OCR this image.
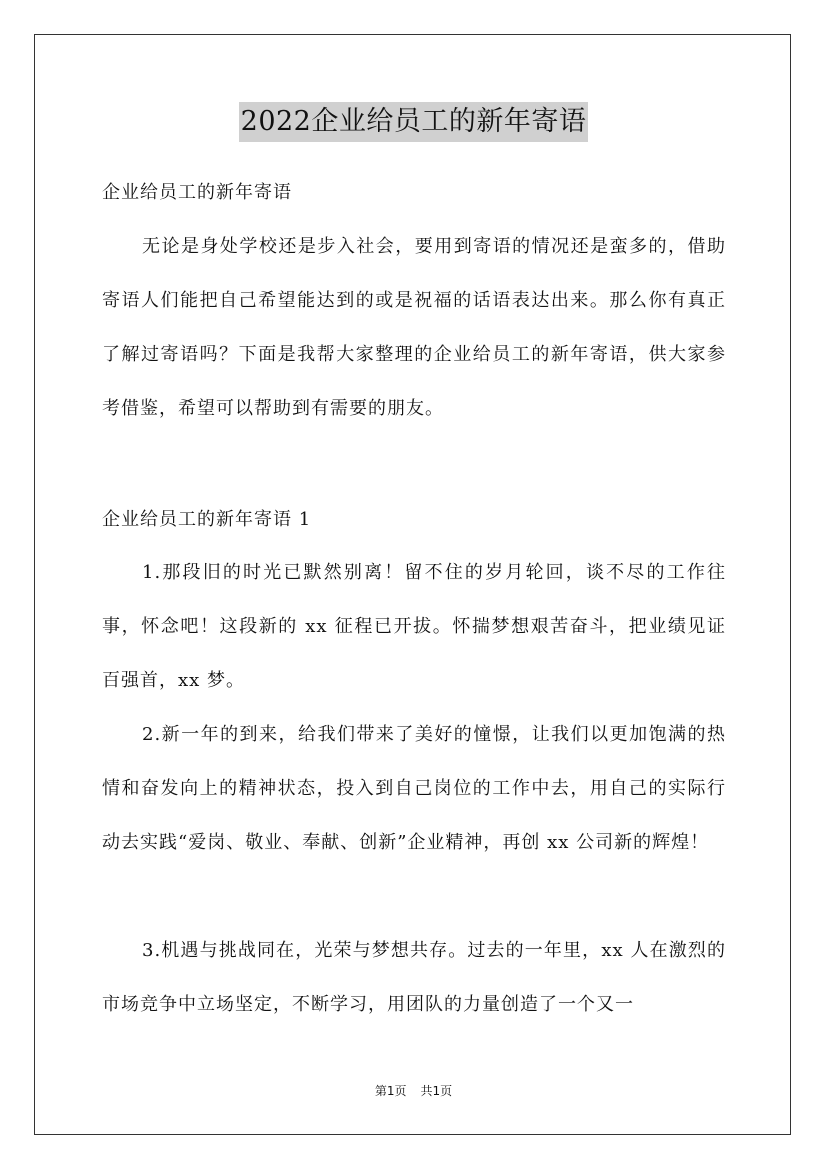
2022企业给员工的新年寄语
企业给员工的新年寄语

无论是身处学校还是步入社会，要用到寄语的情况还是蛮多的，借助寄语人们能把自己希望能达到的或是祝福的话语表达出来。那么你有真正了解过寄语吗？下面是我帮大家整理的企业给员工的新年寄语，供大家参考借鉴，希望可以帮助到有需要的朋友。

企业给员工的新年寄语 1

1.那段旧的时光已默然别离！留不住的岁月轮回，谈不尽的工作往事，怀念吧！这段新的 xx 征程已开拔。怀揣梦想艰苦奋斗，把业绩见证百强首，xx 梦。

2.新一年的到来，给我们带来了美好的憧憬，让我们以更加饱满的热情和奋发向上的精神状态，投入到自己岗位的工作中去，用自己的实际行动去实践“爱岗、敬业、奉献、创新”企业精神，再创 xx 公司新的辉煌！

3.机遇与挑战同在，光荣与梦想共存。过去的一年里，xx 人在激烈的市场竞争中立场坚定，不断学习，用团队的力量创造了一个又一

第1页 共1页
